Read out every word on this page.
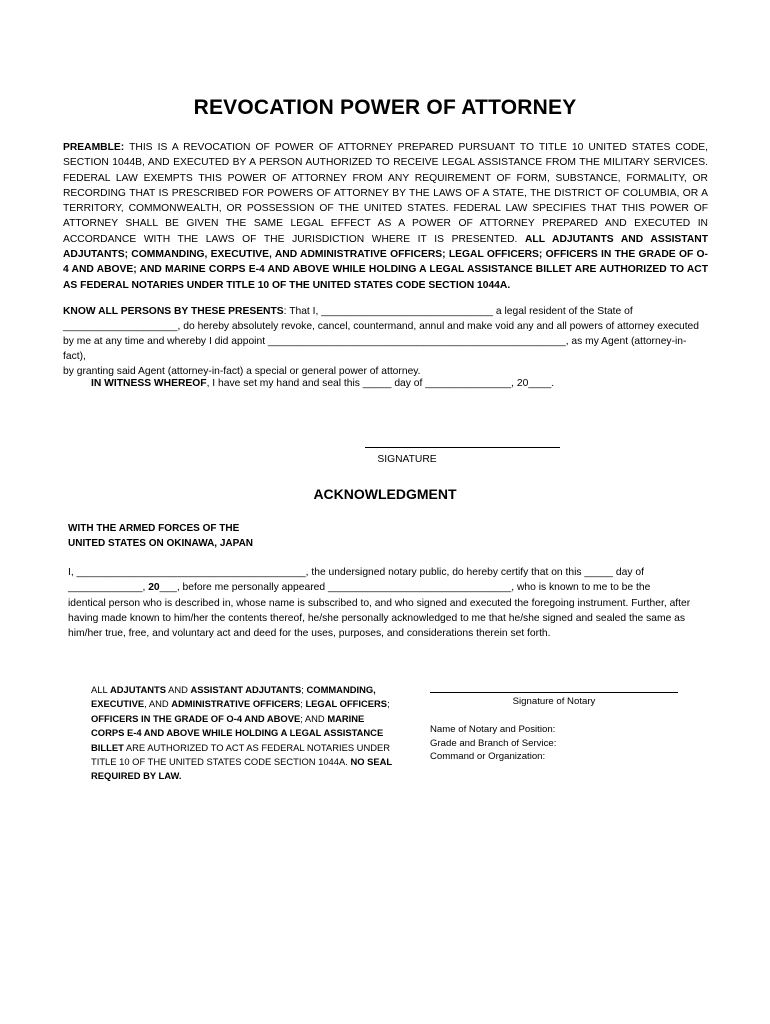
REVOCATION POWER OF ATTORNEY
PREAMBLE: THIS IS A REVOCATION OF POWER OF ATTORNEY PREPARED PURSUANT TO TITLE 10 UNITED STATES CODE, SECTION 1044B, AND EXECUTED BY A PERSON AUTHORIZED TO RECEIVE LEGAL ASSISTANCE FROM THE MILITARY SERVICES. FEDERAL LAW EXEMPTS THIS POWER OF ATTORNEY FROM ANY REQUIREMENT OF FORM, SUBSTANCE, FORMALITY, OR RECORDING THAT IS PRESCRIBED FOR POWERS OF ATTORNEY BY THE LAWS OF A STATE, THE DISTRICT OF COLUMBIA, OR A TERRITORY, COMMONWEALTH, OR POSSESSION OF THE UNITED STATES. FEDERAL LAW SPECIFIES THAT THIS POWER OF ATTORNEY SHALL BE GIVEN THE SAME LEGAL EFFECT AS A POWER OF ATTORNEY PREPARED AND EXECUTED IN ACCORDANCE WITH THE LAWS OF THE JURISDICTION WHERE IT IS PRESENTED. ALL ADJUTANTS AND ASSISTANT ADJUTANTS; COMMANDING, EXECUTIVE, AND ADMINISTRATIVE OFFICERS; LEGAL OFFICERS; OFFICERS IN THE GRADE OF O-4 AND ABOVE; AND MARINE CORPS E-4 AND ABOVE WHILE HOLDING A LEGAL ASSISTANCE BILLET ARE AUTHORIZED TO ACT AS FEDERAL NOTARIES UNDER TITLE 10 OF THE UNITED STATES CODE SECTION 1044A.
KNOW ALL PERSONS BY THESE PRESENTS: That I, ______________________________ a legal resident of the State of
____________________, do hereby absolutely revoke, cancel, countermand, annul and make void any and all powers of attorney executed
by me at any time and whereby I did appoint ____________________________________________________, as my Agent (attorney-in-fact),
by granting said Agent (attorney-in-fact) a special or general power of attorney.
IN WITNESS WHEREOF, I have set my hand and seal this _____ day of _______________, 20____.
SIGNATURE
ACKNOWLEDGMENT
WITH THE ARMED FORCES OF THE
UNITED STATES ON OKINAWA, JAPAN
I, ________________________________________, the undersigned notary public, do hereby certify that on this _____ day of
_____________, 20___, before me personally appeared ________________________________, who is known to me to be the
identical person who is described in, whose name is subscribed to, and who signed and executed the foregoing instrument. Further, after having made known to him/her the contents thereof, he/she personally acknowledged to me that he/she signed and sealed the same as him/her true, free, and voluntary act and deed for the uses, purposes, and considerations therein set forth.
ALL ADJUTANTS AND ASSISTANT ADJUTANTS; COMMANDING, EXECUTIVE, AND ADMINISTRATIVE OFFICERS; LEGAL OFFICERS; OFFICERS IN THE GRADE OF O-4 AND ABOVE; AND MARINE CORPS E-4 AND ABOVE WHILE HOLDING A LEGAL ASSISTANCE BILLET ARE AUTHORIZED TO ACT AS FEDERAL NOTARIES UNDER TITLE 10 OF THE UNITED STATES CODE SECTION 1044A. NO SEAL REQUIRED BY LAW.
Signature of Notary
Name of Notary and Position:
Grade and Branch of Service:
Command or Organization:
